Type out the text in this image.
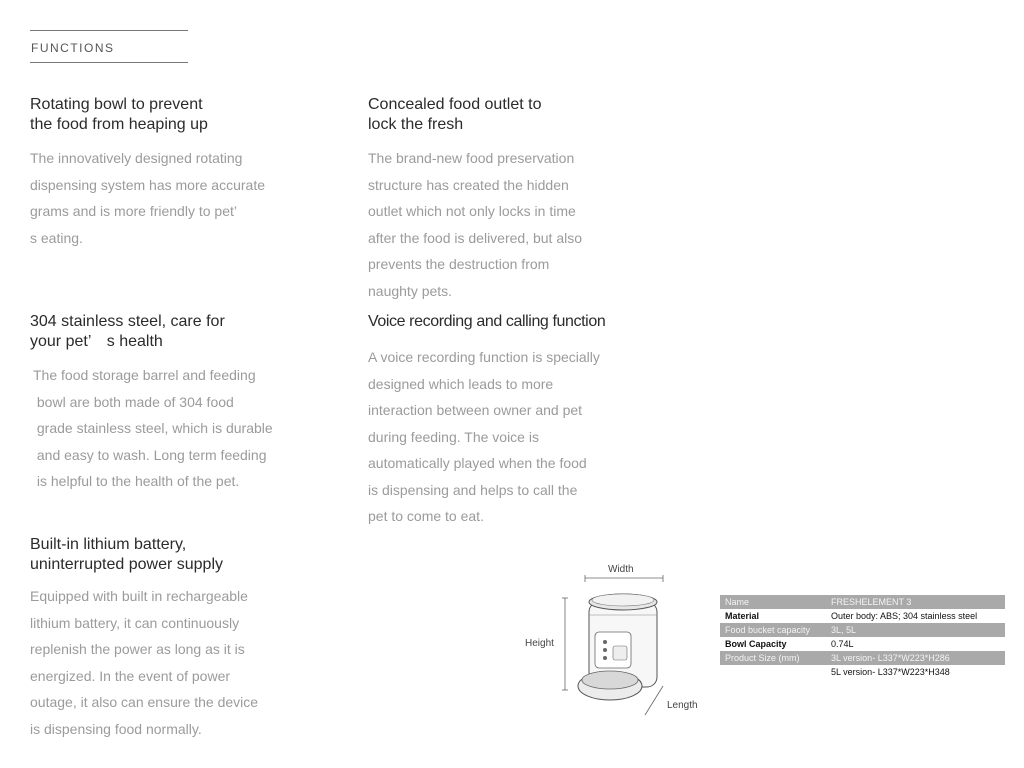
FUNCTIONS
Rotating bowl to prevent
the food from heaping up

The innovatively designed rotating
dispensing system has more accurate
grams and is more friendly to pet’
s eating.

Concealed food outlet to
lock the fresh

The brand-new food preservation
structure has created the hidden
outlet which not only locks in time
after the food is delivered, but also
prevents the destruction from
naughty pets.

304 stainless steel, care for
your pet’　s health

The food storage barrel and feeding
bowl are both made of 304 food
grade stainless steel, which is durable
and easy to wash. Long term feeding
is helpful to the health of the pet.

Voice recording and calling function

A voice recording function is specially
designed which leads to more
interaction between owner and pet
during feeding. The voice is
automatically played when the food
is dispensing and helps to call the
pet to come to eat.

Built-in lithium battery,
uninterrupted power supply

Equipped with built in rechargeable
lithium battery, it can continuously
replenish the power as long as it is
energized. In the event of power
outage, it also can ensure the device
is dispensing food normally.

Width
Height
Length
Name	FRESHELEMENT 3
Material	Outer body: ABS; 304 stainless steel
Food bucket capacity	3L, 5L
Bowl Capacity	0.74L
Product Size (mm)	3L version- L337*W223*H286
	5L version- L337*W223*H348
